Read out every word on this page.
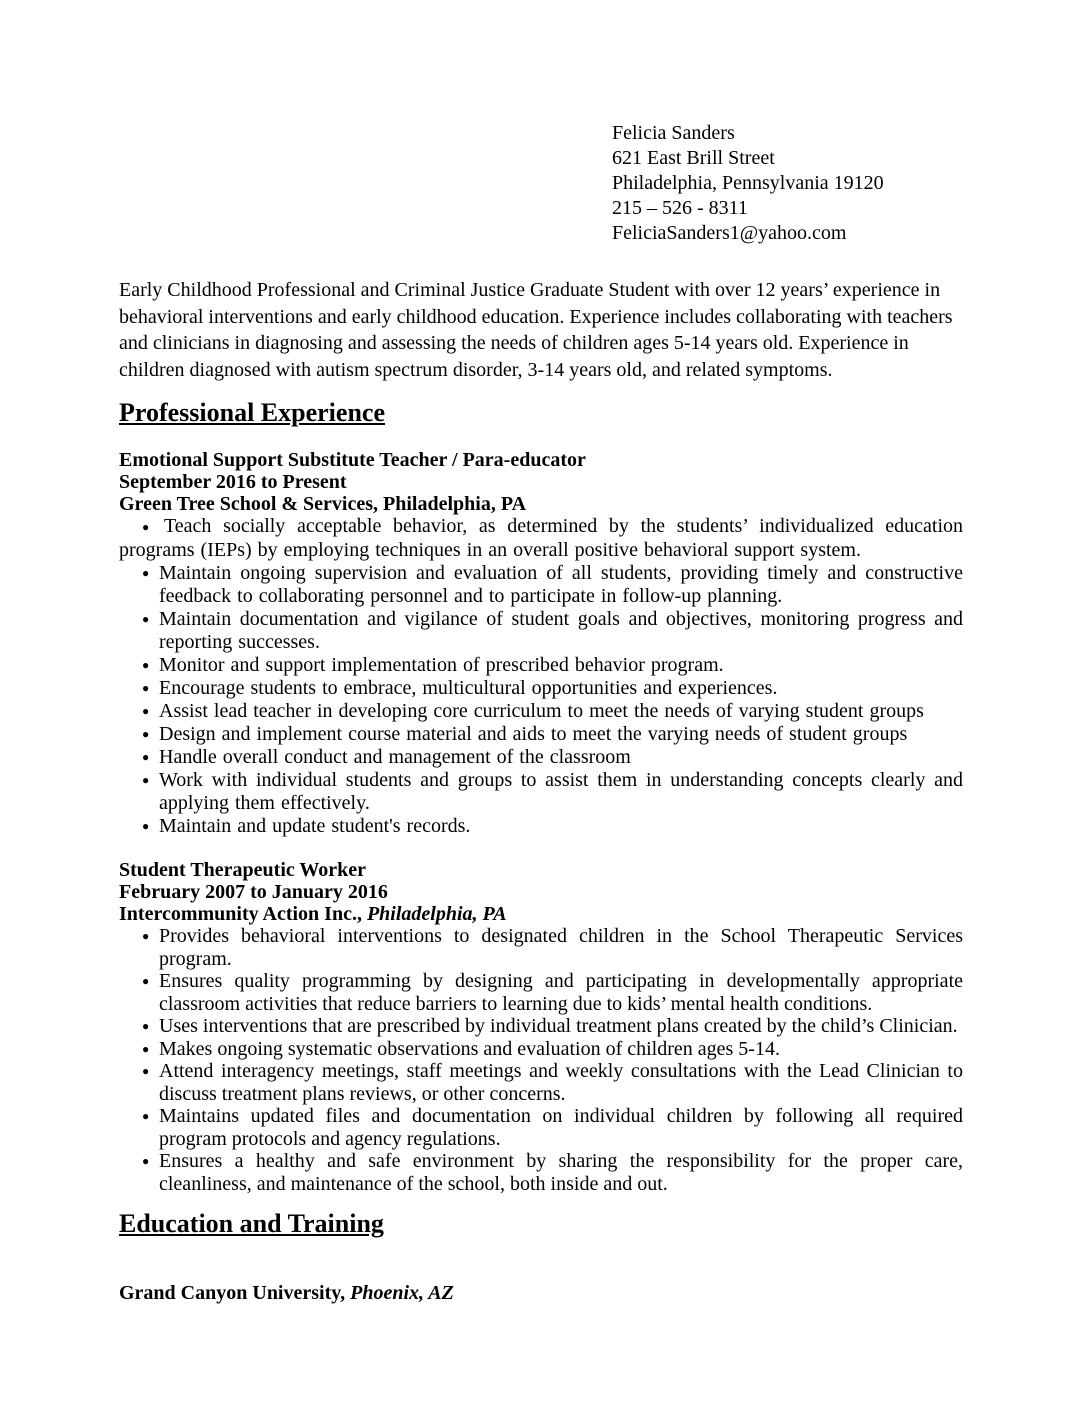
Felicia Sanders
621 East Brill Street
Philadelphia, Pennsylvania 19120
215 – 526 - 8311
FeliciaSanders1@yahoo.com

Early Childhood Professional and Criminal Justice Graduate Student with over 12 years’ experience in behavioral interventions and early childhood education. Experience includes collaborating with teachers and clinicians in diagnosing and assessing the needs of children ages 5-14 years old. Experience in children diagnosed with autism spectrum disorder, 3-14 years old, and related symptoms.

Professional Experience
Emotional Support Substitute Teacher / Para-educator
September 2016 to Present
Green Tree School & Services, Philadelphia, PA

● Teach socially acceptable behavior, as determined by the students’ individualized education programs (IEPs) by employing techniques in an overall positive behavioral support system.

● Maintain ongoing supervision and evaluation of all students, providing timely and constructive feedback to collaborating personnel and to participate in follow-up planning.
● Maintain documentation and vigilance of student goals and objectives, monitoring progress and reporting successes.
● Monitor and support implementation of prescribed behavior program.
● Encourage students to embrace, multicultural opportunities and experiences.
● Assist lead teacher in developing core curriculum to meet the needs of varying student groups
● Design and implement course material and aids to meet the varying needs of student groups
● Handle overall conduct and management of the classroom
● Work with individual students and groups to assist them in understanding concepts clearly and applying them effectively.
● Maintain and update student's records.
Student Therapeutic Worker
February 2007 to January 2016
Intercommunity Action Inc., Philadelphia, PA
● Provides behavioral interventions to designated children in the School Therapeutic Services program.
● Ensures quality programming by designing and participating in developmentally appropriate classroom activities that reduce barriers to learning due to kids’ mental health conditions.
● Uses interventions that are prescribed by individual treatment plans created by the child’s Clinician.
● Makes ongoing systematic observations and evaluation of children ages 5-14.
● Attend interagency meetings, staff meetings and weekly consultations with the Lead Clinician to discuss treatment plans reviews, or other concerns.
● Maintains updated files and documentation on individual children by following all required program protocols and agency regulations.
● Ensures a healthy and safe environment by sharing the responsibility for the proper care, cleanliness, and maintenance of the school, both inside and out.
Education and Training
Grand Canyon University, Phoenix, AZ
